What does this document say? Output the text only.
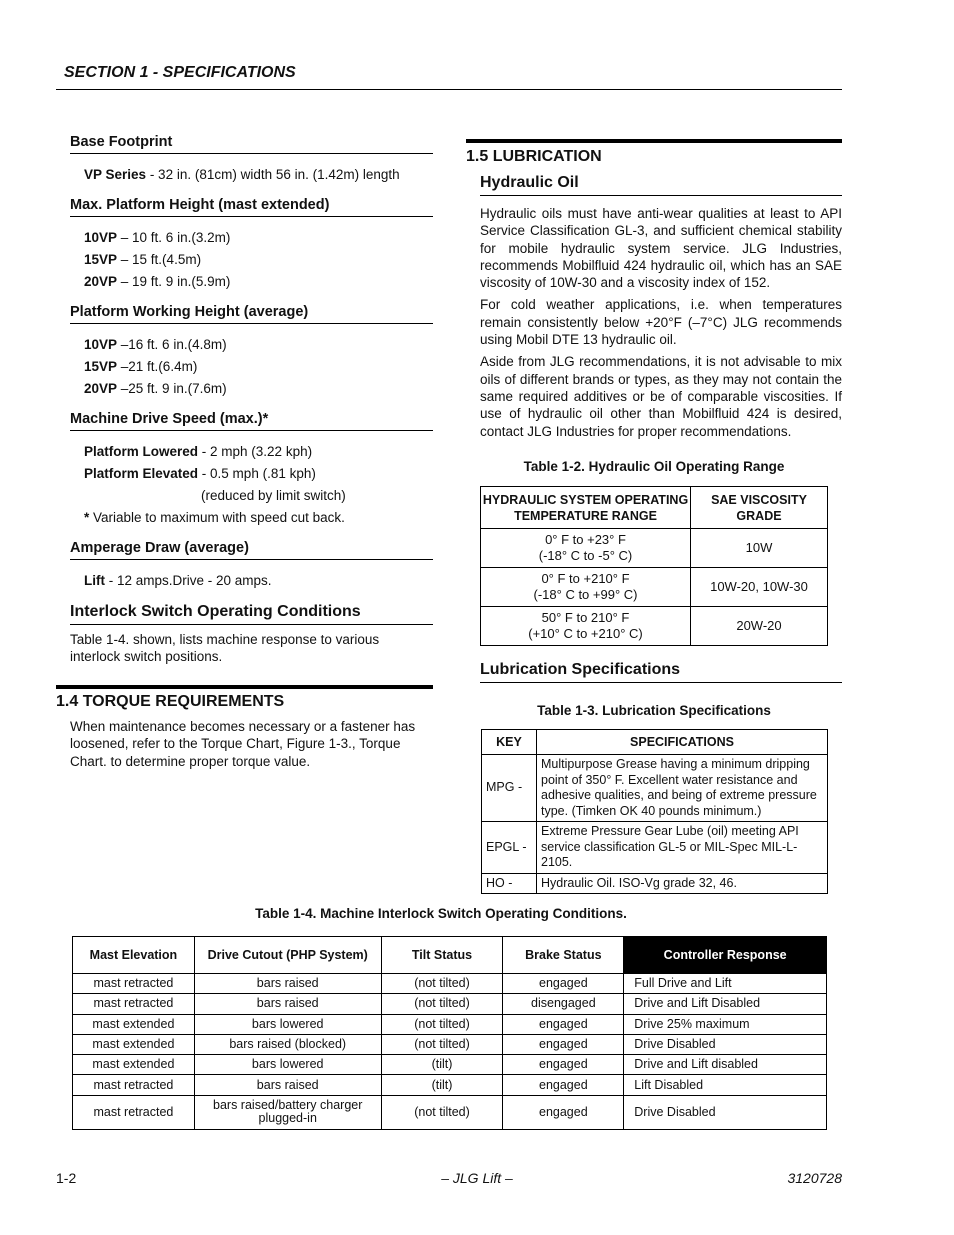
SECTION 1 - SPECIFICATIONS
Base Footprint
VP Series - 32 in. (81cm) width 56 in. (1.42m) length
Max. Platform Height (mast extended)
10VP – 10 ft. 6 in.(3.2m)
15VP – 15 ft.(4.5m)
20VP – 19 ft. 9 in.(5.9m)
Platform Working Height (average)
10VP –16 ft. 6 in.(4.8m)
15VP –21 ft.(6.4m)
20VP –25 ft. 9 in.(7.6m)
Machine Drive Speed (max.)*
Platform Lowered - 2 mph (3.22 kph)
Platform Elevated - 0.5 mph (.81 kph)
(reduced by limit switch)
* Variable to maximum with speed cut back.
Amperage Draw (average)
Lift - 12 amps.Drive - 20 amps.
Interlock Switch Operating Conditions
Table 1-4. shown, lists machine response to various interlock switch positions.
1.4 TORQUE REQUIREMENTS
When maintenance becomes necessary or a fastener has loosened, refer to the Torque Chart, Figure 1-3., Torque Chart. to determine proper torque value.
1.5 LUBRICATION
Hydraulic Oil
Hydraulic oils must have anti-wear qualities at least to API Service Classification GL-3, and sufficient chemical stability for mobile hydraulic system service. JLG Industries, recommends Mobilfluid 424 hydraulic oil, which has an SAE viscosity of 10W-30 and a viscosity index of 152.
For cold weather applications, i.e. when temperatures remain consistently below +20°F (–7°C) JLG recommends using Mobil DTE 13 hydraulic oil.
Aside from JLG recommendations, it is not advisable to mix oils of different brands or types, as they may not contain the same required additives or be of comparable viscosities. If use of hydraulic oil other than Mobilfluid 424 is desired, contact JLG Industries for proper recommendations.
Table 1-2. Hydraulic Oil Operating Range
HYDRAULIC SYSTEM OPERATING TEMPERATURE RANGE	SAE VISCOSITY GRADE

0° F to +23° F
(-18° C to -5° C)	10W

0° F to +210° F
(-18° C to +99° C)	10W-20, 10W-30

50° F to 210° F
(+10° C to +210° C)	20W-20
Lubrication Specifications
Table 1-3. Lubrication Specifications
KEY	SPECIFICATIONS
MPG -	Multipurpose Grease having a minimum dripping point of 350° F. Excellent water resistance and adhesive qualities, and being of extreme pressure type. (Timken OK 40 pounds minimum.)
EPGL -	Extreme Pressure Gear Lube (oil) meeting API service classification GL-5 or MIL-Spec MIL-L-2105.
HO -	Hydraulic Oil. ISO-Vg grade 32, 46.
Table 1-4. Machine Interlock Switch Operating Conditions.
Mast Elevation	Drive Cutout (PHP System)	Tilt Status	Brake Status	Controller Response
mast retracted	bars raised	(not tilted)	engaged	Full Drive and Lift
mast retracted	bars raised	(not tilted)	disengaged	Drive and Lift Disabled
mast extended	bars lowered	(not tilted)	engaged	Drive 25% maximum
mast extended	bars raised (blocked)	(not tilted)	engaged	Drive Disabled
mast extended	bars lowered	(tilt)	engaged	Drive and Lift disabled
mast retracted	bars raised	(tilt)	engaged	Lift Disabled
mast retracted	bars raised/battery charger plugged-in	(not tilted)	engaged	Drive Disabled
1-2	– JLG Lift –	3120728
